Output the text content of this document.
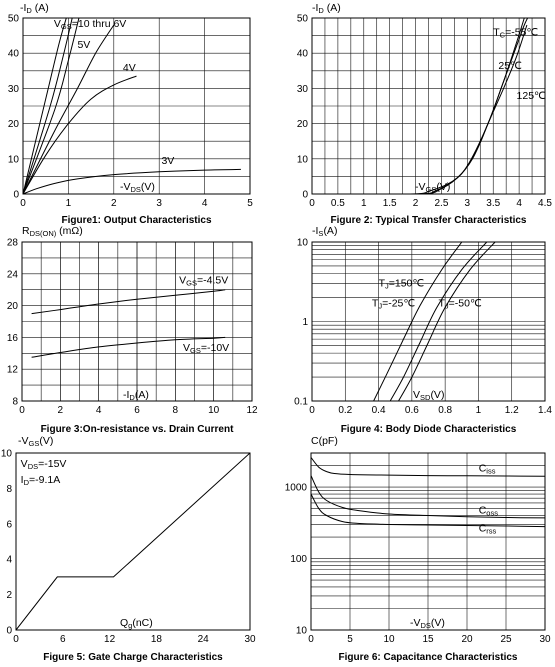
0	1	2	3	4	5
0
10
20
30
40
50
-ID (A)
-VDS(V)
VGS=10 thru 6V
5V
4V
3V
Figure1: Output Characteristics
0 0.5 1 1.5 2 2.5 3 3.5 4 4.5
0
10
20
30
40
50
-ID (A)
-VGS(V)
TC=-55℃
25℃
125℃
Figure 2: Typical Transfer Characteristics
0	2	4	6	8	10	12
8
12
16
20
24
28
RDS(ON) (mΩ)
-ID(A)
VGS=-4.5V
VGS=-10V
Figure 3:On-resistance vs. Drain Current
0 0.2 0.4 0.6 0.8 1 1.2 1.4
0.1
1
10
-IS(A)
VSD(V)
TJ=150℃
TJ=-25℃ TJ=-50℃
Figure 4: Body Diode Characteristics
0	6	12	18	24	30
0
2
4
6
8
10
-VGS(V)
Qg(nC)
VDS=-15V
ID=-9.1A
Figure 5: Gate Charge Characteristics
0	5	10	15	20	25	30
10
100
1000
C(pF)
-VDS(V)
Ciss
Coss
Crss
Figure 6: Capacitance Characteristics
